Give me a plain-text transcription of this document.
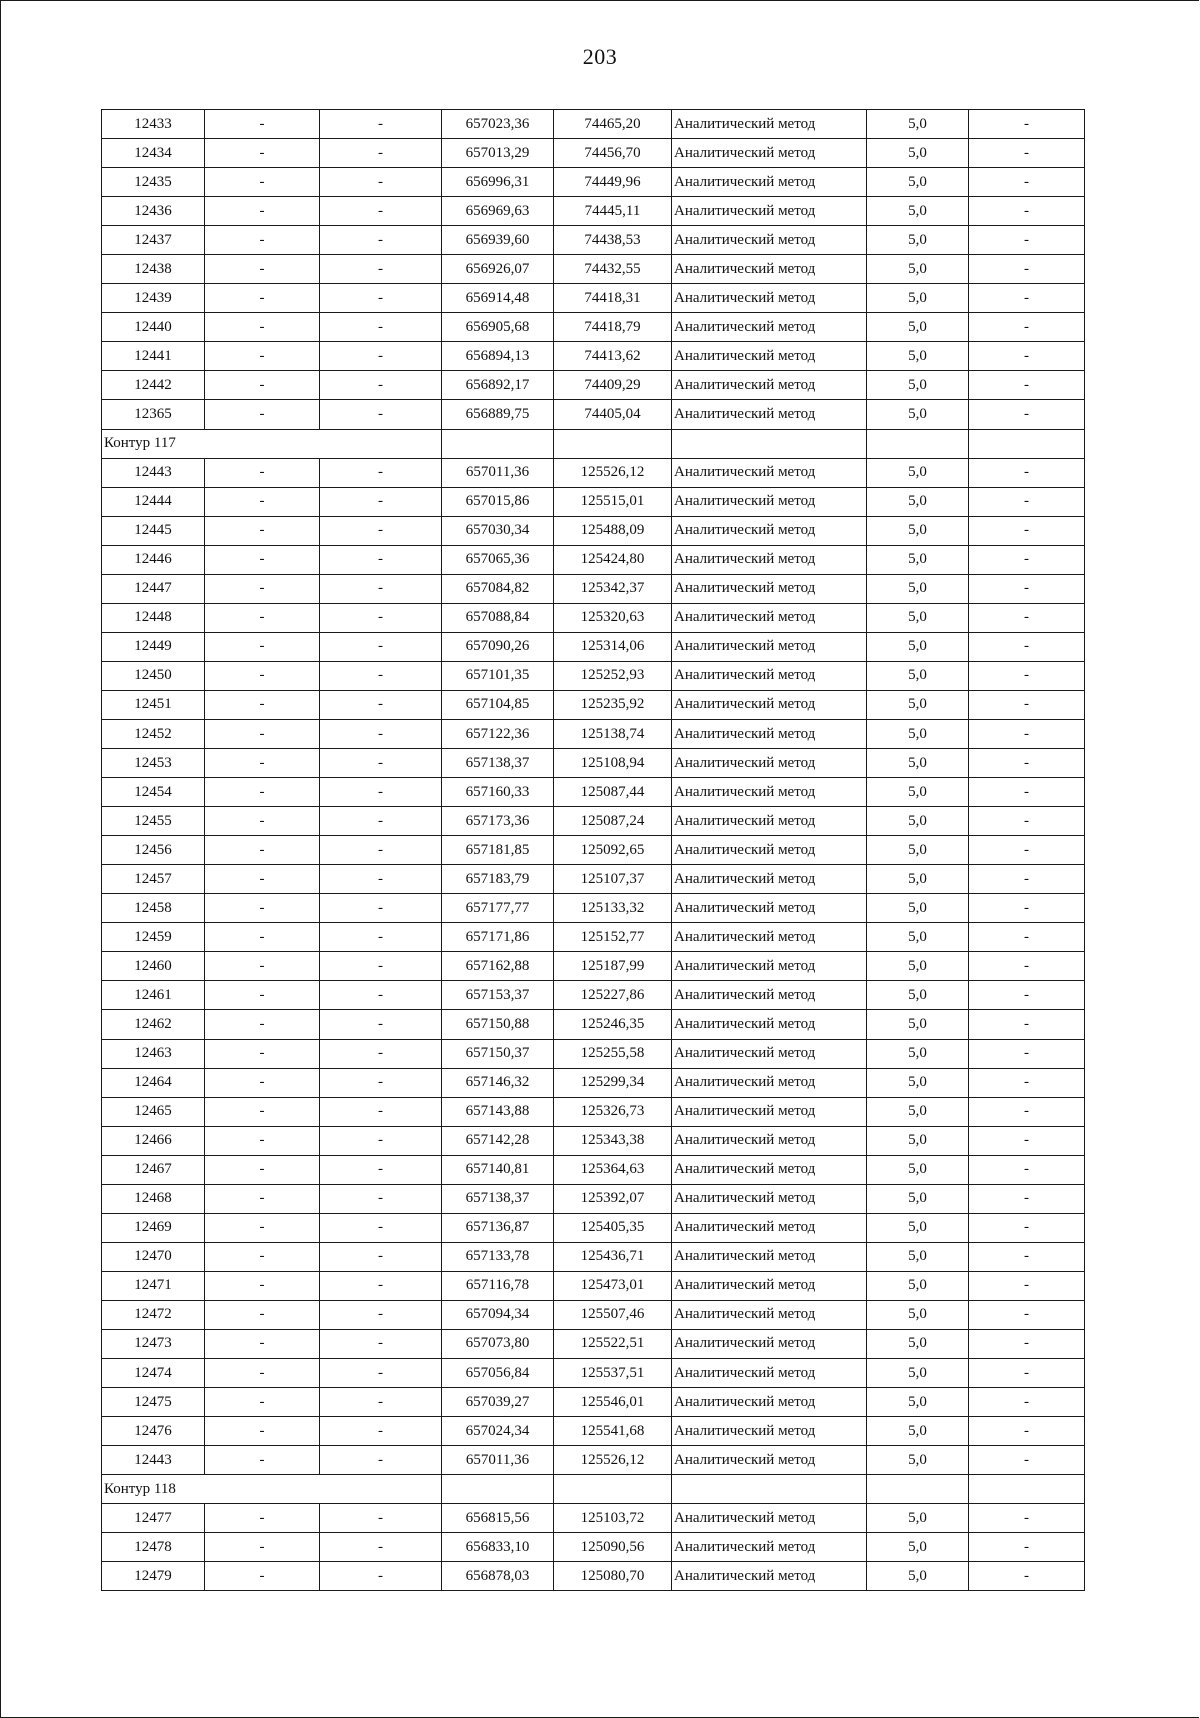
203
12433	-	-	657023,36	74465,20	Аналитический метод	5,0	-
12434	-	-	657013,29	74456,70	Аналитический метод	5,0	-
12435	-	-	656996,31	74449,96	Аналитический метод	5,0	-
12436	-	-	656969,63	74445,11	Аналитический метод	5,0	-
12437	-	-	656939,60	74438,53	Аналитический метод	5,0	-
12438	-	-	656926,07	74432,55	Аналитический метод	5,0	-
12439	-	-	656914,48	74418,31	Аналитический метод	5,0	-
12440	-	-	656905,68	74418,79	Аналитический метод	5,0	-
12441	-	-	656894,13	74413,62	Аналитический метод	5,0	-
12442	-	-	656892,17	74409,29	Аналитический метод	5,0	-
12365	-	-	656889,75	74405,04	Аналитический метод	5,0	-
Контур 117							
12443	-	-	657011,36	125526,12	Аналитический метод	5,0	-
12444	-	-	657015,86	125515,01	Аналитический метод	5,0	-
12445	-	-	657030,34	125488,09	Аналитический метод	5,0	-
12446	-	-	657065,36	125424,80	Аналитический метод	5,0	-
12447	-	-	657084,82	125342,37	Аналитический метод	5,0	-
12448	-	-	657088,84	125320,63	Аналитический метод	5,0	-
12449	-	-	657090,26	125314,06	Аналитический метод	5,0	-
12450	-	-	657101,35	125252,93	Аналитический метод	5,0	-
12451	-	-	657104,85	125235,92	Аналитический метод	5,0	-
12452	-	-	657122,36	125138,74	Аналитический метод	5,0	-
12453	-	-	657138,37	125108,94	Аналитический метод	5,0	-
12454	-	-	657160,33	125087,44	Аналитический метод	5,0	-
12455	-	-	657173,36	125087,24	Аналитический метод	5,0	-
12456	-	-	657181,85	125092,65	Аналитический метод	5,0	-
12457	-	-	657183,79	125107,37	Аналитический метод	5,0	-
12458	-	-	657177,77	125133,32	Аналитический метод	5,0	-
12459	-	-	657171,86	125152,77	Аналитический метод	5,0	-
12460	-	-	657162,88	125187,99	Аналитический метод	5,0	-
12461	-	-	657153,37	125227,86	Аналитический метод	5,0	-
12462	-	-	657150,88	125246,35	Аналитический метод	5,0	-
12463	-	-	657150,37	125255,58	Аналитический метод	5,0	-
12464	-	-	657146,32	125299,34	Аналитический метод	5,0	-
12465	-	-	657143,88	125326,73	Аналитический метод	5,0	-
12466	-	-	657142,28	125343,38	Аналитический метод	5,0	-
12467	-	-	657140,81	125364,63	Аналитический метод	5,0	-
12468	-	-	657138,37	125392,07	Аналитический метод	5,0	-
12469	-	-	657136,87	125405,35	Аналитический метод	5,0	-
12470	-	-	657133,78	125436,71	Аналитический метод	5,0	-
12471	-	-	657116,78	125473,01	Аналитический метод	5,0	-
12472	-	-	657094,34	125507,46	Аналитический метод	5,0	-
12473	-	-	657073,80	125522,51	Аналитический метод	5,0	-
12474	-	-	657056,84	125537,51	Аналитический метод	5,0	-
12475	-	-	657039,27	125546,01	Аналитический метод	5,0	-
12476	-	-	657024,34	125541,68	Аналитический метод	5,0	-
12443	-	-	657011,36	125526,12	Аналитический метод	5,0	-
Контур 118							
12477	-	-	656815,56	125103,72	Аналитический метод	5,0	-
12478	-	-	656833,10	125090,56	Аналитический метод	5,0	-
12479	-	-	656878,03	125080,70	Аналитический метод	5,0	-
